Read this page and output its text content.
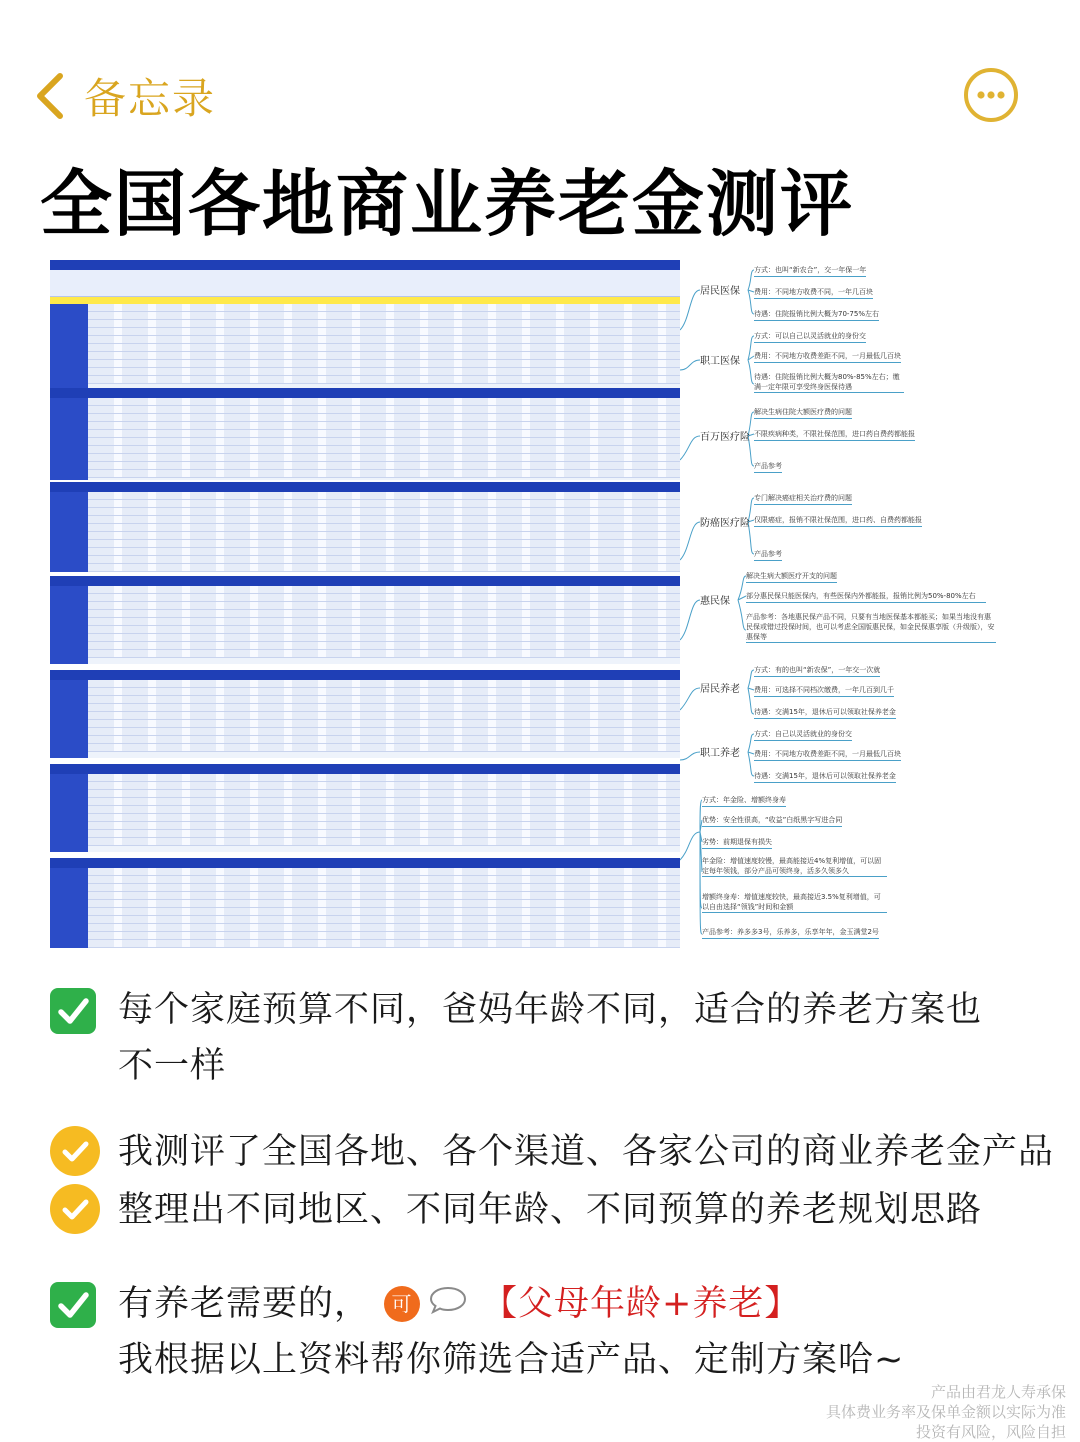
备忘录
全国各地商业养老金测评
居民医保
方式：也叫“新农合”，交一年保一年
费用：不同地方收费不同，一年几百块
待遇：住院报销比例大概为70-75%左右
职工医保
方式：可以自己以灵活就业的身份交
费用：不同地方收费差距不同，一月最低几百块
待遇：住院报销比例大概为80%-85%左右；缴满一定年限可享受终身医保待遇
百万医疗险
解决生病住院大额医疗费的问题
不限疾病种类，不限社保范围，进口药自费药都能报
产品参考
防癌医疗险
专门解决癌症相关治疗费的问题
仅限癌症，报销不限社保范围，进口药、自费药都能报
产品参考
惠民保
解决生病大额医疗开支的问题
部分惠民保只能医保内，有些医保内外都能报，报销比例为50%-80%左右
产品参考：各地惠民保产品不同，只要有当地医保基本都能买；如果当地没有惠民保或错过投保时间，也可以考虑全国版惠民保，如金民保惠享版（升级版），安惠保等
居民养老
方式：有的也叫“新农保”，一年交一次就
费用：可选择不同档次缴费，一年几百到几千
待遇：交满15年，退休后可以领取社保养老金
职工养老
方式：自己以灵活就业的身份交
费用：不同地方收费差距不同，一月最低几百块
待遇：交满15年，退休后可以领取社保养老金
方式：年金险、增额终身寿
优势：安全性很高，“收益”白纸黑字写进合同
劣势：前期退保有损失
年金险：增值速度较慢，最高能接近4%复利增值，可以固定每年领钱，部分产品可领终身，活多久领多久
增额终身寿：增值速度较快，最高接近3.5%复利增值，可以自由选择“领钱”时间和金额
产品参考：养多多3号，乐养多，乐享年年，金玉满堂2号
每个家庭预算不同，爸妈年龄不同，适合的养老方案也
不一样
我测评了全国各地、各个渠道、各家公司的商业养老金产品
整理出不同地区、不同年龄、不同预算的养老规划思路
有养老需要的， 可 【父母年龄+养老】
我根据以上资料帮你筛选合适产品、定制方案哈~
产品由君龙人寿承保
具体费业务率及保单金额以实际为准
投资有风险，风险自担
